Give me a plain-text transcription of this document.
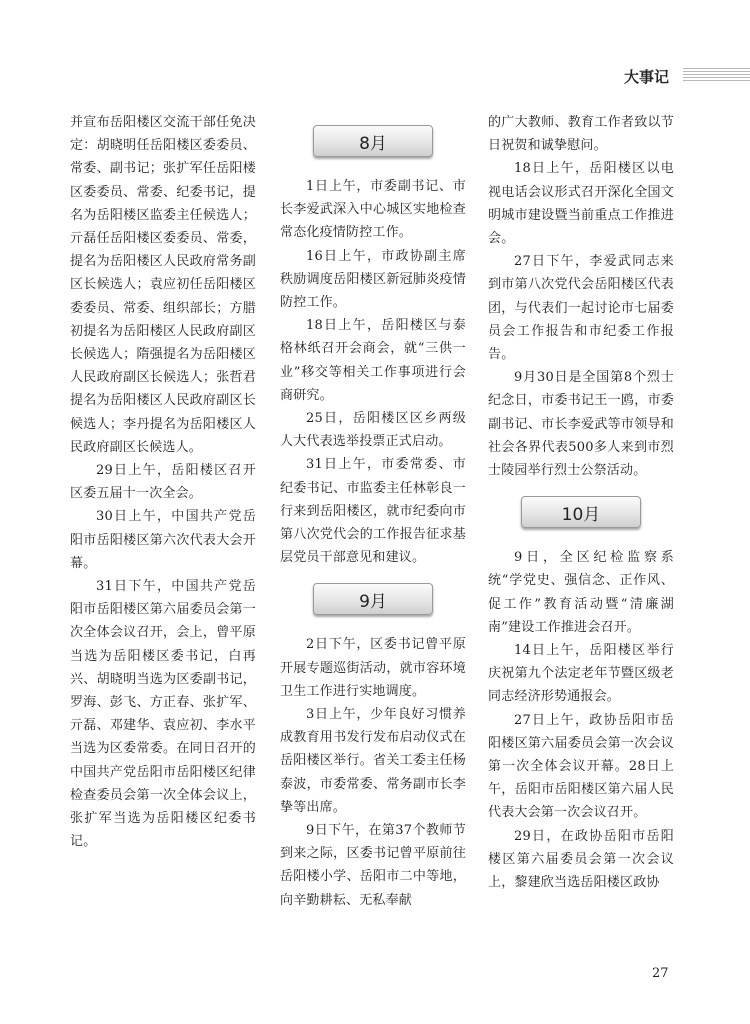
大事记

并宣布岳阳楼区交流干部任免决定：胡晓明任岳阳楼区委委员、常委、副书记；张扩军任岳阳楼区委委员、常委、纪委书记，提名为岳阳楼区监委主任候选人；亓磊任岳阳楼区委委员、常委，提名为岳阳楼区人民政府常务副区长候选人；袁应初任岳阳楼区委委员、常委、组织部长；方腊初提名为岳阳楼区人民政府副区长候选人；隋强提名为岳阳楼区人民政府副区长候选人；张哲君提名为岳阳楼区人民政府副区长候选人；李丹提名为岳阳楼区人民政府副区长候选人。

29日上午，岳阳楼区召开区委五届十一次全会。

30日上午，中国共产党岳阳市岳阳楼区第六次代表大会开幕。

31日下午，中国共产党岳阳市岳阳楼区第六届委员会第一次全体会议召开，会上，曾平原当选为岳阳楼区委书记，白再兴、胡晓明当选为区委副书记，罗海、彭飞、方正春、张扩军、亓磊、邓建华、袁应初、李水平当选为区委常委。在同日召开的中国共产党岳阳市岳阳楼区纪律检查委员会第一次全体会议上，张扩军当选为岳阳楼区纪委书记。

8月

1日上午，市委副书记、市长李爱武深入中心城区实地检查常态化疫情防控工作。

16日上午，市政协副主席秩励调度岳阳楼区新冠肺炎疫情防控工作。

18日上午，岳阳楼区与泰格林纸召开会商会，就“三供一业”移交等相关工作事项进行会商研究。

25日，岳阳楼区区乡两级人大代表选举投票正式启动。

31日上午，市委常委、市纪委书记、市监委主任林彰良一行来到岳阳楼区，就市纪委向市第八次党代会的工作报告征求基层党员干部意见和建议。

9月

2日下午，区委书记曾平原开展专题巡街活动，就市容环境卫生工作进行实地调度。

3日上午，少年良好习惯养成教育用书发行发布启动仪式在岳阳楼区举行。省关工委主任杨泰波，市委常委、常务副市长李挚等出席。

9日下午，在第37个教师节到来之际，区委书记曾平原前往岳阳楼小学、岳阳市二中等地，向辛勤耕耘、无私奉献

的广大教师、教育工作者致以节日祝贺和诚挚慰问。

18日上午，岳阳楼区以电视电话会议形式召开深化全国文明城市建设暨当前重点工作推进会。

27日下午，李爱武同志来到市第八次党代会岳阳楼区代表团，与代表们一起讨论市七届委员会工作报告和市纪委工作报告。

9月30日是全国第8个烈士纪念日，市委书记王一鸥，市委副书记、市长李爱武等市领导和社会各界代表500多人来到市烈士陵园举行烈士公祭活动。

10月

9日，全区纪检监察系统“学党史、强信念、正作风、促工作”教育活动暨“清廉湖南”建设工作推进会召开。

14日上午，岳阳楼区举行庆祝第九个法定老年节暨区级老同志经济形势通报会。

27日上午，政协岳阳市岳阳楼区第六届委员会第一次会议第一次全体会议开幕。28日上午，岳阳市岳阳楼区第六届人民代表大会第一次会议召开。

29日，在政协岳阳市岳阳楼区第六届委员会第一次会议上，黎建欣当选岳阳楼区政协

27
